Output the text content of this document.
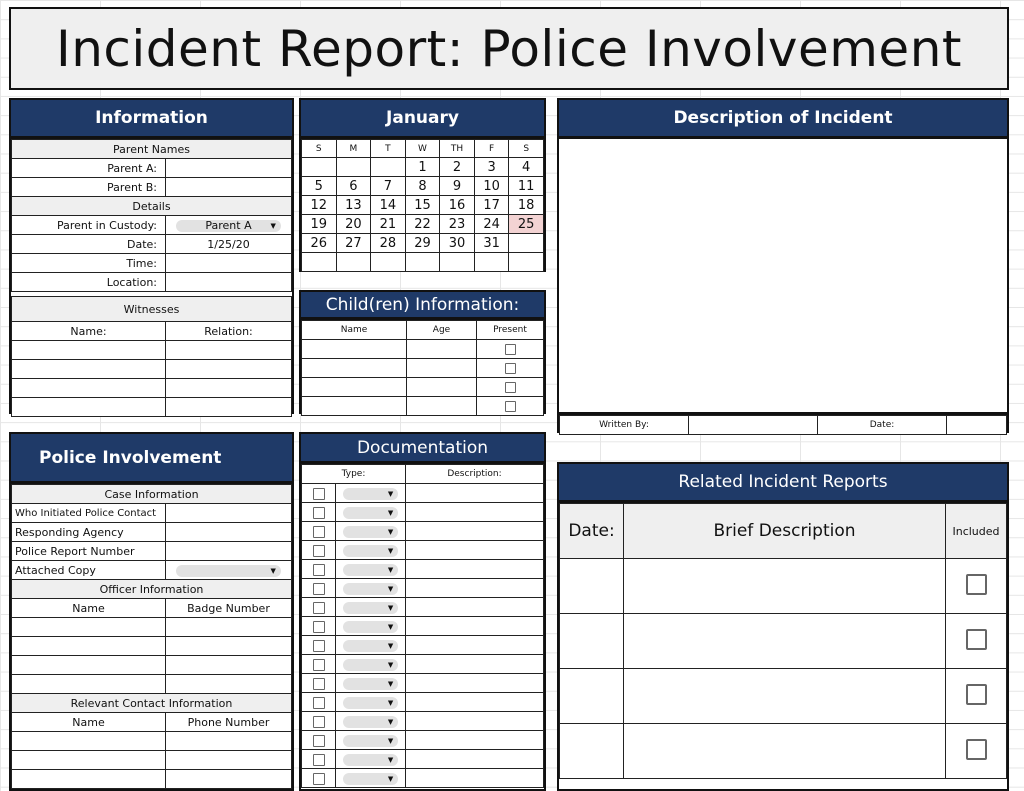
Incident Report: Police Involvement
Information
Parent Names	
Parent A:	
Parent B:	
Details	
Parent in Custody:	Parent A ▼

Date:	1/25/20
Time:	
Location:	

Witnesses	
Name:	Relation:

January
S	M	T	W	TH	F	S
			1	2	3	4
5	6	7	8	9	10	11
12	13	14	15	16	17	18
19	20	21	22	23	24	25
26	27	28	29	30	31	

Child(ren) Information:
Name	Age	Present

Description of Incident
Written By:		Date:	
Police Involvement
Case Information	
Who Initiated Police Contact	
Responding Agency	
Police Report Number	
Attached Copy	▼

Officer Information	
Name	Badge Number

Relevant Contact Information	
Name	Phone Number

Documentation
Type:		Description:

	▼	

	▼	

	▼	

	▼	

	▼	

	▼	

	▼	

	▼	

	▼	

	▼	

	▼	

	▼	

	▼	

	▼	

	▼	

	▼	

Related Incident Reports
Date:	Brief Description	Included
